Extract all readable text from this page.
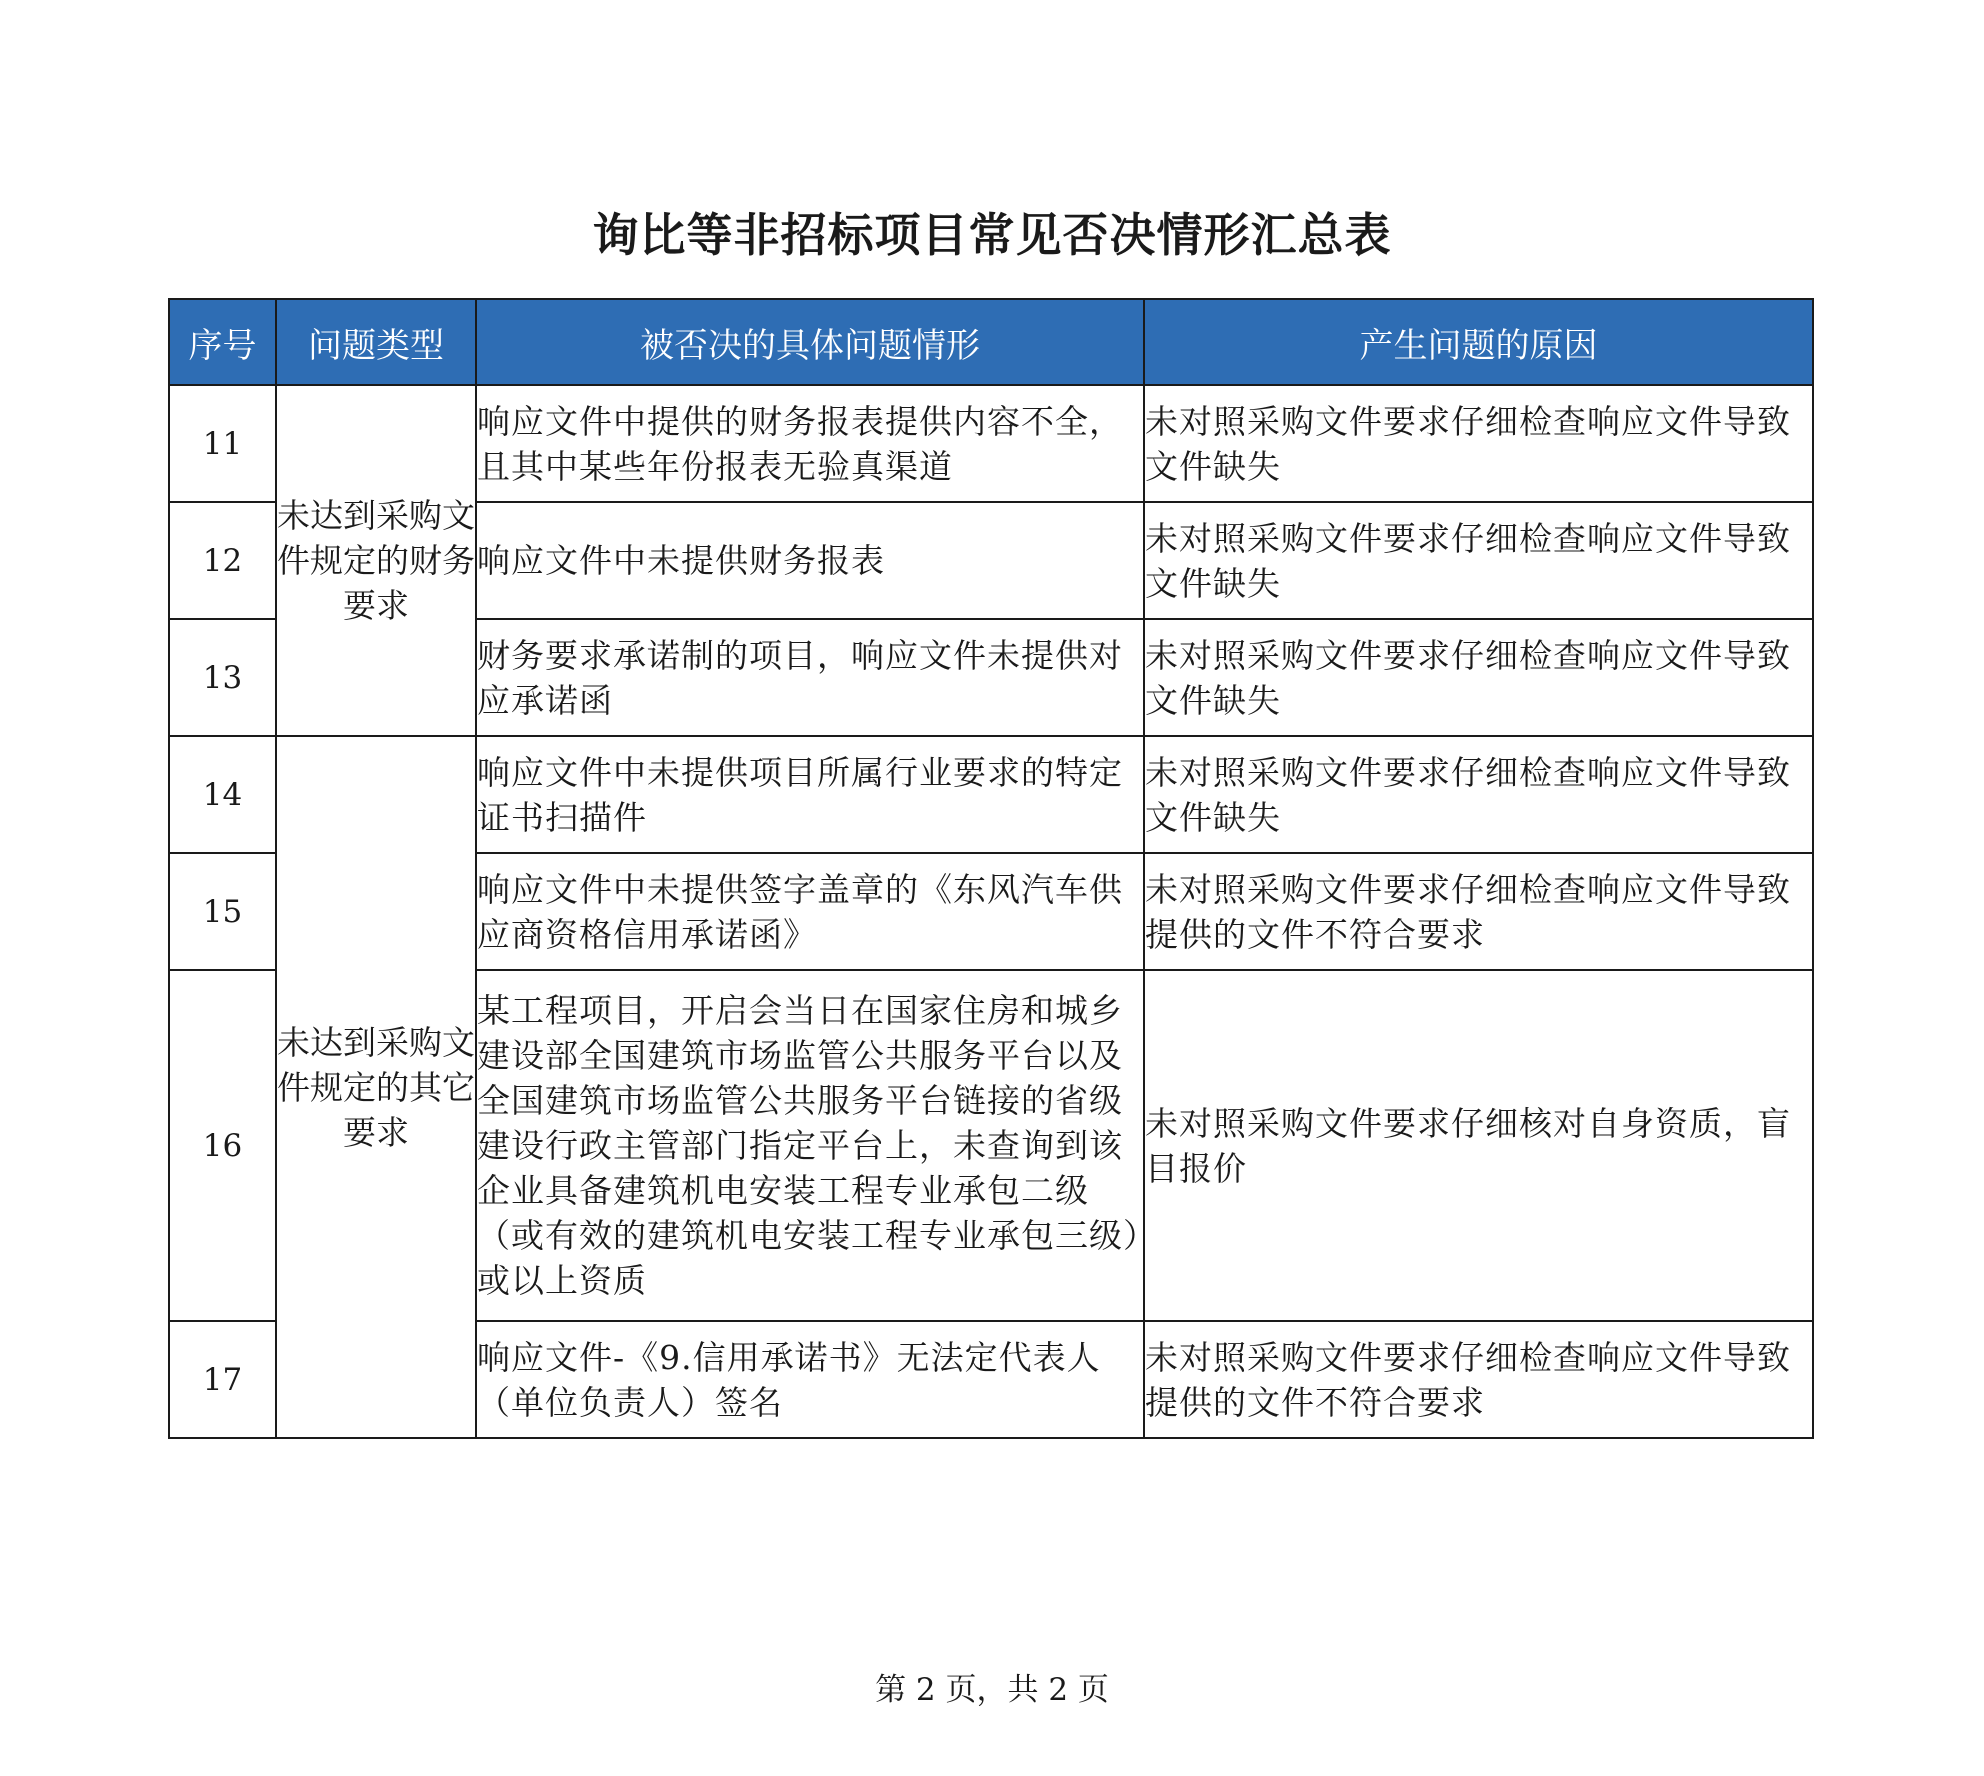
询比等非招标项目常见否决情形汇总表
序号	问题类型	被否决的具体问题情形	产生问题的原因
11	未达到采购文件规定的财务要求	响应文件中提供的财务报表提供内容不全，且其中某些年份报表无验真渠道	未对照采购文件要求仔细检查响应文件导致文件缺失
12		响应文件中未提供财务报表	未对照采购文件要求仔细检查响应文件导致文件缺失
13		财务要求承诺制的项目，响应文件未提供对应承诺函	未对照采购文件要求仔细检查响应文件导致文件缺失
14	未达到采购文件规定的其它要求	响应文件中未提供项目所属行业要求的特定证书扫描件	未对照采购文件要求仔细检查响应文件导致文件缺失
15		响应文件中未提供签字盖章的《东风汽车供应商资格信用承诺函》	未对照采购文件要求仔细检查响应文件导致提供的文件不符合要求
16		某工程项目，开启会当日在国家住房和城乡建设部全国建筑市场监管公共服务平台以及全国建筑市场监管公共服务平台链接的省级建设行政主管部门指定平台上，未查询到该企业具备建筑机电安装工程专业承包二级（或有效的建筑机电安装工程专业承包三级）或以上资质	未对照采购文件要求仔细核对自身资质，盲目报价
17		响应文件-《9.信用承诺书》无法定代表人（单位负责人）签名	未对照采购文件要求仔细检查响应文件导致提供的文件不符合要求
第 2 页，共 2 页
